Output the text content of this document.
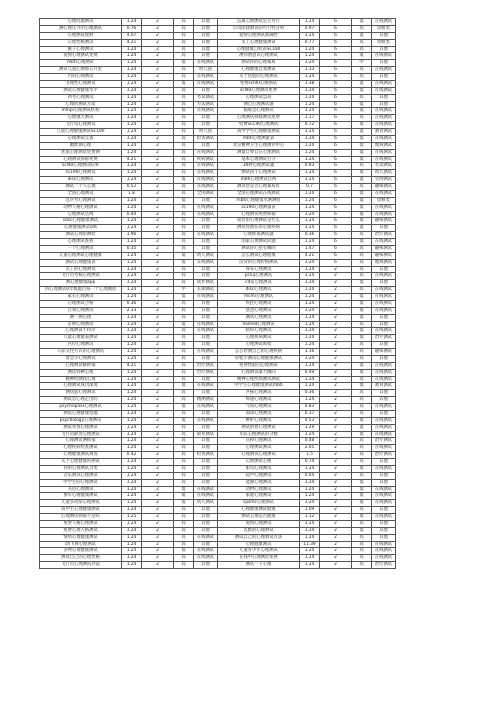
心理问题测试	1.24	2	高	其他	远离心理测试是否可行	1.24	6	低	在线测试	
测心理压力的心理测试	0.76	2	高	其他	公司团建测试的可行性分析	0.97	6	高	诊断类	
心理测试理财	4.07	2	高	其他	爱情心理测试准确性	1.24	6	低	其他	
心理性格测试	4.21	2	高	其他	员工心理健康测试	0.77	6	高	诊断类	
猴子心理测试	1.24	2	高	其他	心理健康自检表SCL90	1.24	6	高	其他	
爱情心理测试免费	1.24	2	高	其他	测你潜意识心理测试	1.24	6	低	在线测试	
mbti心理测试	1.24	2	低	在线测试	测试你的心理素质	1.24	6	中	其他	
测试儿童心理那五月里	1.24	2	高	幼儿园	心理健康自我测试	1.33	6	高	在线测试	
内向心理测试	1.24	2	高	在线测试	关于焦虑的心理测试	1.24	6	高	其他	
非理性心理测试	1.24	2	低	在线测试	免费scl90心理测试	1.38	6	低	在线测试	
测试心理健康水平	1.24	2	高	其他	scl90心理测试免费	1.24	6	低	在线测试	
初考心理测试	1.24	2	高	考试测试	心理测试恐高	1.24	6	高	其他	
心理的测试方法	1.24	2	高	方法测试	测自心理测试题	1.24	6	低	其他	
mmpi心理测试结构	1.24	2	低	在线测试	脑筋急心理测试	1.24	6	低	在线测试	
心理强大测试	1.24	2	高	其他	心理测试抑郁测试免费	1.17	6	高	在线测试	
飞行员心理测试	1.24	2	高	其他	免费SCL90心理测试	0.72	6	低	在线测试	
儿童心理健康测试SCL90	1.24	2	高	幼儿园	高中学生心理健康测试	1.24	6	低	教育测试	
心理测试完备	1.24	2	高	检查测试	mbti心理测量表	1.24	6	低	在线测试	
幽默测心理	1.24	2	高	其他	北京精神卫生心理测评中心	1.24	6	低	地域测试	
焦虑心理测试免费测	1.24	2	高	在线测试	测量自尊自信心理测试	1.24	6	低	在线测试	
心理测试抑郁免费	4.21	2	高	疾病测试	基本心理测试打分	1.24	6	低	在线测试	
scl90心理测试结果	1.24	2	高	在线测试	30秒心理测试题	0.93	6	高	考试测试	
sc190心理测试	1.24	2	高	在线测试	测试孩子心理测试	1.24	6	低	幼儿测试	
disc心理测试	1.24	2	低	在线测试	mbti心理测试官网	1.24	6	低	官网测试	
测试一个人心理	0.52	2	高	在线测试	测试您是否心理素质好	0.7	6	高	趣味测试	
全国心理测试	1.8	2	高	全国测试	全国心理测试在线测试	1.24	6	低	在线测试	
远兵考心理测试	1.24	2	低	其他	mbti心理健康水测测验	1.24	6	低	诊断类	
动物人格心理测试	1.24	2	高	在线测试	sc190心理测量表	1.24	6	低	在线测试	
心理测试官网	0.44	2	高	在线测试	心理测试免费抑郁	1.24	6	低	在线测试	
sdsc心理健康测试	1.24	2	高	其他	骑者的心理测试是什么	1.24	6	低	趣味测试	
心理健康测试sds	1.24	2	高	其他	测试你潜在的心理疾病	1.24	6	低	其他	
测试心理的测验	1.96	2	高	在线测试	心理抑郁测试题	0.36	6	高	治疗测试	
心理测试查看	1.24	2	高	其他	国家心理测试的题	1.24	6	低	在线测试	
一个心理测试	0.35	2	高	其他	测试你心里有哪吗	1.47	6	高	趣味测试	
儿童心理测试心理健康	1.24	2	低	幼儿测试	怎么测试心理健康	4.21	6	高	趣味测试	
测试心理健康表	1.24	2	低	在线测试	房贷的心理价格测试	1.24	6	高	地域测试	
员工的心理测试	1.24	2	高	其他	保安心理测试	1.24	2	高	其他	
飞行员考核心理测试	1.24	2	高	其他	pcluj心理测试	1.24	2	高	在线测试	
测心理健康app	1.24	2	高	软件测试	cd发心理测试	1.24	2	低	其他	
四心理测试0年级题目每一个心理测验	1.24	2	中	长期测试	disc心理测试	1.24	2	高	在线测试	
家长心理测试	1.24	2	低	在线测试	mcmi心理测试	1.24	2	低	在线测试	
心理测试合格	0.36	2	高	其他	疾控心理测试	1.24	2	低	在线测试	
自我心理测试	2.13	2	高	其他	爸爸心理测试	1.24	2	低	在线测试	
测一测心理	1.24	2	高	其他	测试心理测试	1.24	2	低	其他	
京师心理测试	1.24	2	低	在线测试	hamed心理测试	1.24	2	高	其他	
心理测试不特尔	1.24	2	高	在线测试	猜你心理测试	1.24	2	低	在线测试	
儿童心理量表测试	1.24	2	高	其他	心理疾病测试	1.24	2	低	治疗测试	
宫位心理测试	1.24	2	高	其他	心理测试吸收	1.24	2	高	其他	
人际交往方式的心理测试	1.24	2	高	在线测试	怎么检测自己的心理疾病	3.16	2	高	趣味测试	
着急小心理测试	1.24	2	高	其他	轻松小测试心理健康测试	1.24	2	高	其他	
心理测试解抑郁	4.21	2	高	治疗测试	免费性取向心理测试	1.24	2	低	在线测试	
测试特种心理	1.24	2	高	治疗测试	心理测试暴力倾向	0.49	2	低	在线测试	
精神检测找心理	1.24	2	高	其他	精神心理疾病测试测试	1.24	2	高	在线测试	
心理测试成功深度	1.24	2	低	在线测试	中学生心理健康测试mbti	1.24	2	低	教育测试	
测焦虑心理测试	1.24	2	高	其他	共振心理测试	0.36	2	高	其他	
测试恋心理走出吗	1.24	2	高	精测测试	师速心理测试	1.24	2	高	其他	
psychopass心理测试	1.24	2	低	在线测试	气质心理测试	0.83	2	高	在线测试	
测试心理健康型题	1.24	2	高	其他	面谈心理测试	0.37	2	高	其他	
psychology心理测试	1.24	2	低	在线测试	嫉妒心理测试	0.53	2	低	在线测试	
测试青春心理测试	1.24	2	高	其他	测试销售心理测试	1.29	2	低	在线测试	
飞行员职业心理测试	1.24	2	高	职业测试	军队心理测试的分数	1.24	2	低	在线测试	
心理测试测抑郁	1.24	2	高	其他	压抑心理测试	0.48	2	高	治疗测试	
心理疾病检查测试	1.24	2	高	其他	心理测试测试	2.05	2	高	在线测试	
心理健康测试调查	0.42	2	高	检查测试	心理测试心理测试	1.5	2	高	治疗测试	
关于心理健康的测试	1.24	2	高	其他	心理测试心理	0.74	2	高	其他	
你的心理测试分类	1.24	2	高	其他	职员心理测试	1.24	2	低	在线测试	
音乐测试心理测试	1.24	2	高	其他	超声心理测试	0.04	2	高	其他	
中学生的心理测试	1.24	2	高	其他	能源心理测试	1.24	2	低	其他	
买房心理测试	1.24	2	低	在线测试	动物心理测试	1.24	2	低	在线测试	
参军心理健康测试	1.24	2	低	在线测试	家庭心理测试	1.24	2	低	在线测试	
儿童多动症心理测试	1.24	2	低	幼儿测试	cpsmc心理测试	1.24	2	低	在线测试	
高中生心理健康测试	1.24	2	高	其他	心理健康测试健康	1.09	2	高	其他	
心理测试抑郁不是吗	1.25	2	高	其他	测试心理是否健康	1.12	2	低	在线测试	
免费人格心理测试	1.24	2	高	其他	爱情心理测试	1.24	2	高	其他	
免费心理人格测试	1.24	2	高	其他	沉默的心理测试	1.24	2	低	其他	
情绪心理健康测试	1.24	2	高	在线测试	测试自己的心理测试方法	1.24	2	高	其他	
ch卡牌心理测试	1.24	2	高	其他	心理健康测试	11.39	2	高	在线测试	
多物心理健康测试	1.24	2	低	在线测试	儿童青少年心理测试	1.24	2	高	在线测试	
测试自己的心理性格	1.24	2	高	在线测试	在线中心理测试免费	1.24	2	高	在线测试	
飞行员心理测试办法	1.24	2	高	其他	测试一下心理	1.24	2	高	治疗测试	
